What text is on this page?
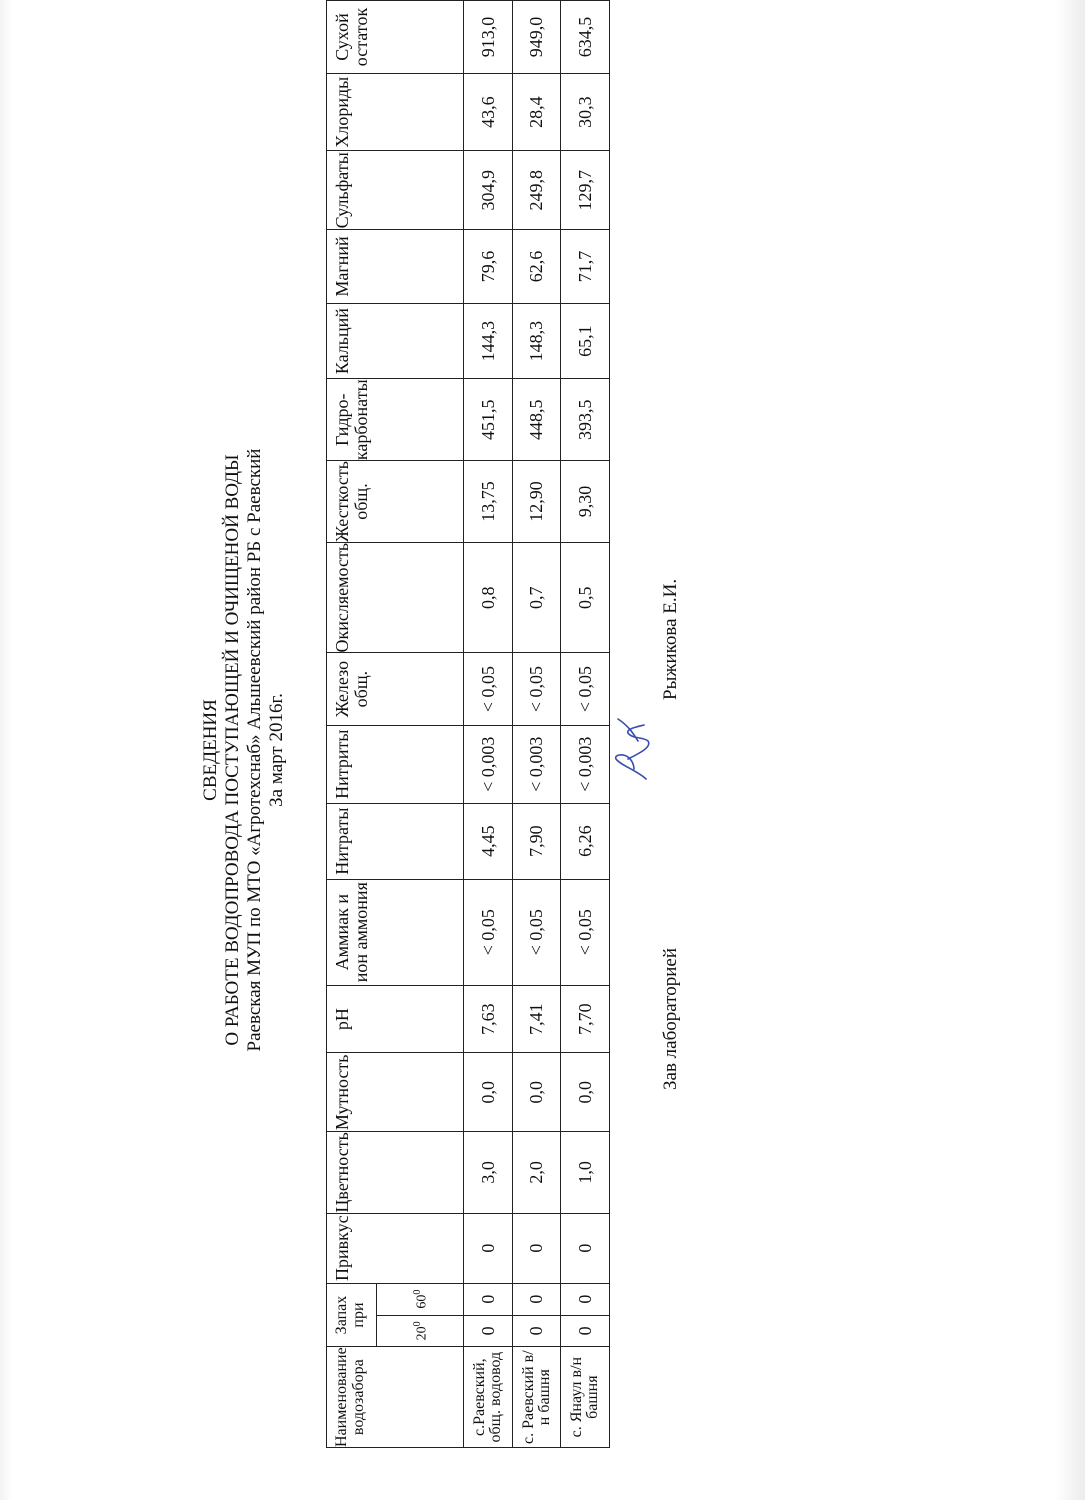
СВЕДЕНИЯ О РАБОТЕ ВОДОПРОВОДА ПОСТУПАЮЩЕЙ И ОЧИЩЕНОЙ ВОДЫ Раевская МУП по МТО «Агротехснаб» Альшеевский район РБ с Раевский За март 2016г.
Наименование водозабора	Запах при		Привкус	Цветность	Мутность	pH	Аммиак и ион аммония	Нитраты	Нитриты	Железо общ.	Окисляемость	Жесткость общ.	Гидро-карбонаты	Кальций	Магний	Сульфаты	Хлориды	Сухой остаток
	$20^0$	$60^0$
с.Раевский, общ. водовод	0	0	0	3,0	0,0	7,63	< 0,05	4,45	< 0,003	< 0,05	0,8	13,75	451,5	144,3	79,6	304,9	43,6	913,0
с. Раевский в/н башня	0	0	0	2,0	0,0	7,41	< 0,05	7,90	< 0,003	< 0,05	0,7	12,90	448,5	148,3	62,6	249,8	28,4	949,0
с. Янаул в/н башня	0	0	0	1,0	0,0	7,70	< 0,05	6,26	< 0,003	< 0,05	0,5	9,30	393,5	65,1	71,7	129,7	30,3	634,5
Зав лабораторией
Рыжикова Е.И.
